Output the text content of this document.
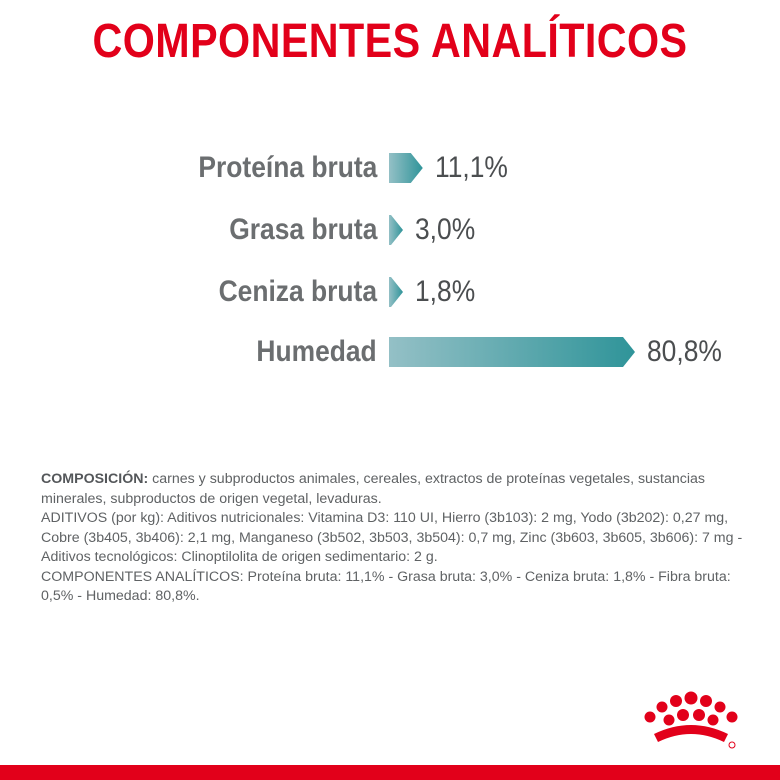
COMPONENTES ANALÍTICOS
Proteína bruta 11,1%
Grasa bruta 3,0%
Ceniza bruta 1,8%
Humedad	80,8%

COMPOSICIÓN: carnes y subproductos animales, cereales, extractos de proteínas vegetales, sustancias minerales, subproductos de origen vegetal, levaduras.

ADITIVOS (por kg): Aditivos nutricionales: Vitamina D3: 110 UI, Hierro (3b103): 2 mg, Yodo (3b202): 0,27 mg, Cobre (3b405, 3b406): 2,1 mg, Manganeso (3b502, 3b503, 3b504): 0,7 mg, Zinc (3b603, 3b605, 3b606): 7 mg - Aditivos tecnológicos: Clinoptilolita de origen sedimentario: 2 g.

COMPONENTES ANALÍTICOS: Proteína bruta: 11,1% - Grasa bruta: 3,0% - Ceniza bruta: 1,8% - Fibra bruta: 0,5% - Humedad: 80,8%.
